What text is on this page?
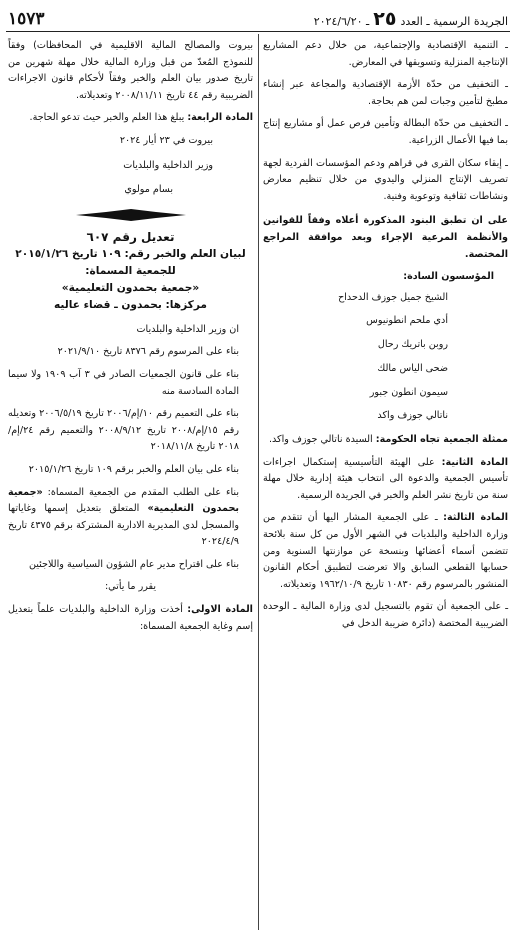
الجريدة الرسمية ـ العدد
٢٥
ـ ٢٠٢٤/٦/٢٠
١٥٧٣

ـ التنمية الإقتصادية والإجتماعية، من خلال دعم المشاريع الإنتاجية المنزلية وتسويقها في المعارض.

ـ التخفيف من حدّة الأزمة الإقتصادية والمجاعة عبر إنشاء مطبخ لتأمين وجبات لمن هم بحاجة.

ـ التخفيف من حدّة البطالة وتأمين فرص عمل أو مشاريع إنتاج بما فيها الأعمال الزراعية.

ـ إبقاء سكان القرى في قراهم ودعم المؤسسات الفردية لجهة تصريف الإنتاج المنزلي واليدوي من خلال تنظيم معارض ونشاطات ثقافية وتوعوية وفنية.

على ان تطبق البنود المذكورة أعلاه وفقاً للقوانين والأنظمة المرعية الإجراء وبعد موافقة المراجع المختصة.

المؤسسون السادة:

الشيخ جميل جوزف الدحداح
أدي ملحم انطونيوس
روبن باتريك رحال
ضحى الياس مالك
سيمون انطون جبور
ناتالي جوزف واكد

ممثلة الجمعية تجاه الحكومة: السيدة ناتالي جوزف واكد.

المادة الثانية: على الهيئة التأسيسية إستكمال اجراءات تأسيس الجمعية والدعوة الى انتخاب هيئة إدارية خلال مهلة سنة من تاريخ نشر العلم والخبر في الجريدة الرسمية.

المادة الثالثة: ـ على الجمعية المشار اليها أن تتقدم من وزارة الداخلية والبلديات في الشهر الأول من كل سنة بلائحة تتضمن أسماء أعضائها وبنسخة عن موازنتها السنوية ومن حسابها القطعي السابق والا تعرضت لتطبيق أحكام القانون المنشور بالمرسوم رقم ١٠٨٣٠ تاريخ ١٩٦٢/١٠/٩ وتعديلاته.

ـ على الجمعية أن تقوم بالتسجيل لدى وزارة المالية ـ الوحدة الضريبية المختصة (دائرة ضريبة الدخل في

بيروت والمصالح المالية الاقليمية في المحافظات) وفقاً للنموذج المُعدّ من قبل وزارة المالية خلال مهلة شهرين من تاريخ صدور بيان العلم والخبر وفقاً لأحكام قانون الاجراءات الضريبية رقم ٤٤ تاريخ ٢٠٠٨/١١/١١ وتعديلاته.

المادة الرابعة: يبلغ هذا العلم والخبر حيث تدعو الحاجة.

بيروت في ٢٣ أيار ٢٠٢٤

وزير الداخلية والبلديات

بسام مولوي

تعديل رقم ٦٠٧

لبيان العلم والخبر رقم: ١٠٩ تاريخ ٢٠١٥/١/٢٦

للجمعية المسماة:

«جمعية بحمدون التعليمية»

مركزها: بحمدون ـ قضاء عاليه

ان وزير الداخلية والبلديات

بناء على المرسوم رقم ٨٣٧٦ تاريخ ٢٠٢١/٩/١٠

بناء على قانون الجمعيات الصادر في ٣ آب ١٩٠٩ ولا سيما المادة السادسة منه

بناء على التعميم رقم ١٠/إم/٢٠٠٦ تاريخ ٢٠٠٦/٥/١٩ وتعديله رقم ١٥/إم/٢٠٠٨ تاريخ ٢٠٠٨/٩/١٢ والتعميم رقم ٢٤/إم/٢٠١٨ تاريخ ٢٠١٨/١١/٨

بناء على بيان العلم والخبر برقم ١٠٩ تاريخ ٢٠١٥/١/٢٦

بناء على الطلب المقدم من الجمعية المسماة: «جمعية بحمدون التعليمية» المتعلق بتعديل إسمها وغاياتها والمسجل لدى المديرية الادارية المشتركة برقم ٤٣٧٥ تاريخ ٢٠٢٤/٤/٩

بناء على اقتراح مدير عام الشؤون السياسية واللاجئين

يقرر ما يأتي:

المادة الاولى: أخذت وزارة الداخلية والبلديات علماً بتعديل إسم وغاية الجمعية المسماة:
